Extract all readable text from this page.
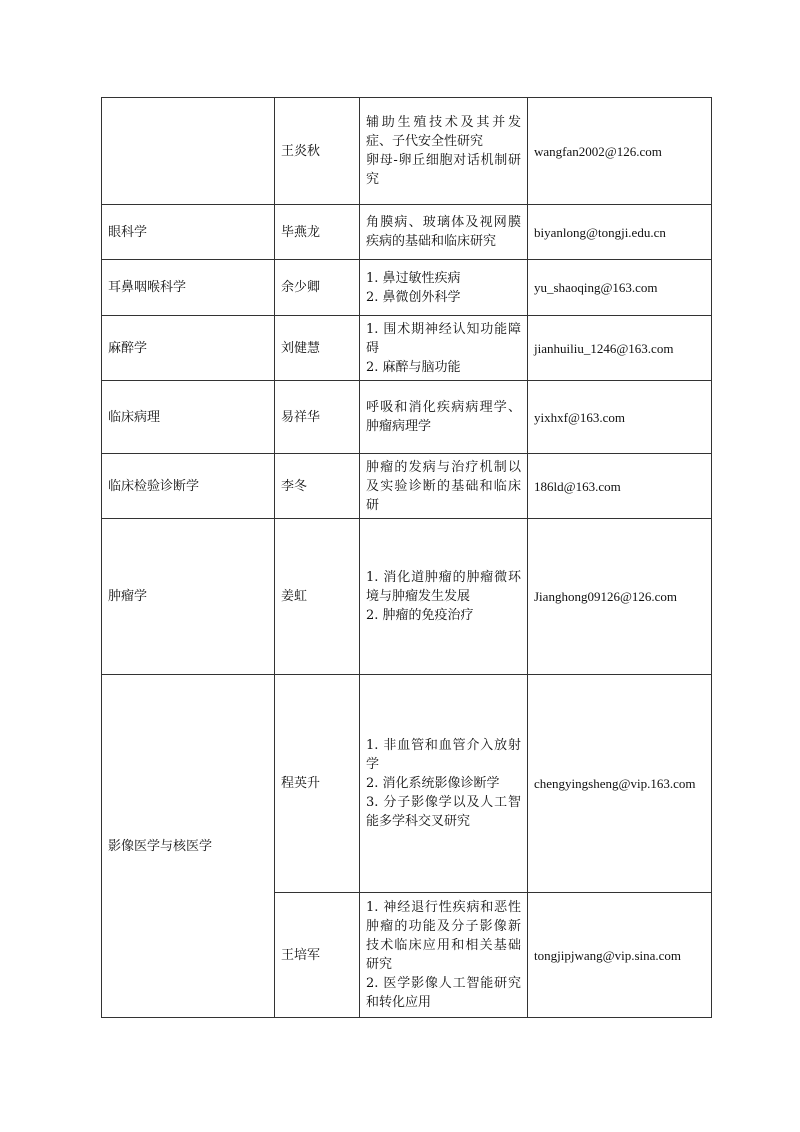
	王炎秋	辅助生殖技术及其并发症、子代安全性研究
卵母-卵丘细胞对话机制研究	wangfan2002@126.com
眼科学	毕燕龙	角膜病、玻璃体及视网膜疾病的基础和临床研究	biyanlong@tongji.edu.cn
耳鼻咽喉科学	余少卿	1. 鼻过敏性疾病
2. 鼻微创外科学	yu_shaoqing@163.com
麻醉学	刘健慧	1. 围术期神经认知功能障碍
2. 麻醉与脑功能	jianhuiliu_1246@163.com
临床病理	易祥华	呼吸和消化疾病病理学、肿瘤病理学	yixhxf@163.com
临床检验诊断学	李冬	肿瘤的发病与治疗机制以及实验诊断的基础和临床研	186ld@163.com
肿瘤学	姜虹	1. 消化道肿瘤的肿瘤微环境与肿瘤发生发展
2. 肿瘤的免疫治疗	Jianghong09126@126.com
影像医学与核医学	程英升	1. 非血管和血管介入放射学
2. 消化系统影像诊断学
3. 分子影像学以及人工智能多学科交叉研究	chengyingsheng@vip.163.com
	王培军	1. 神经退行性疾病和恶性肿瘤的功能及分子影像新技术临床应用和相关基础研究
2. 医学影像人工智能研究和转化应用	tongjipjwang@vip.sina.com
